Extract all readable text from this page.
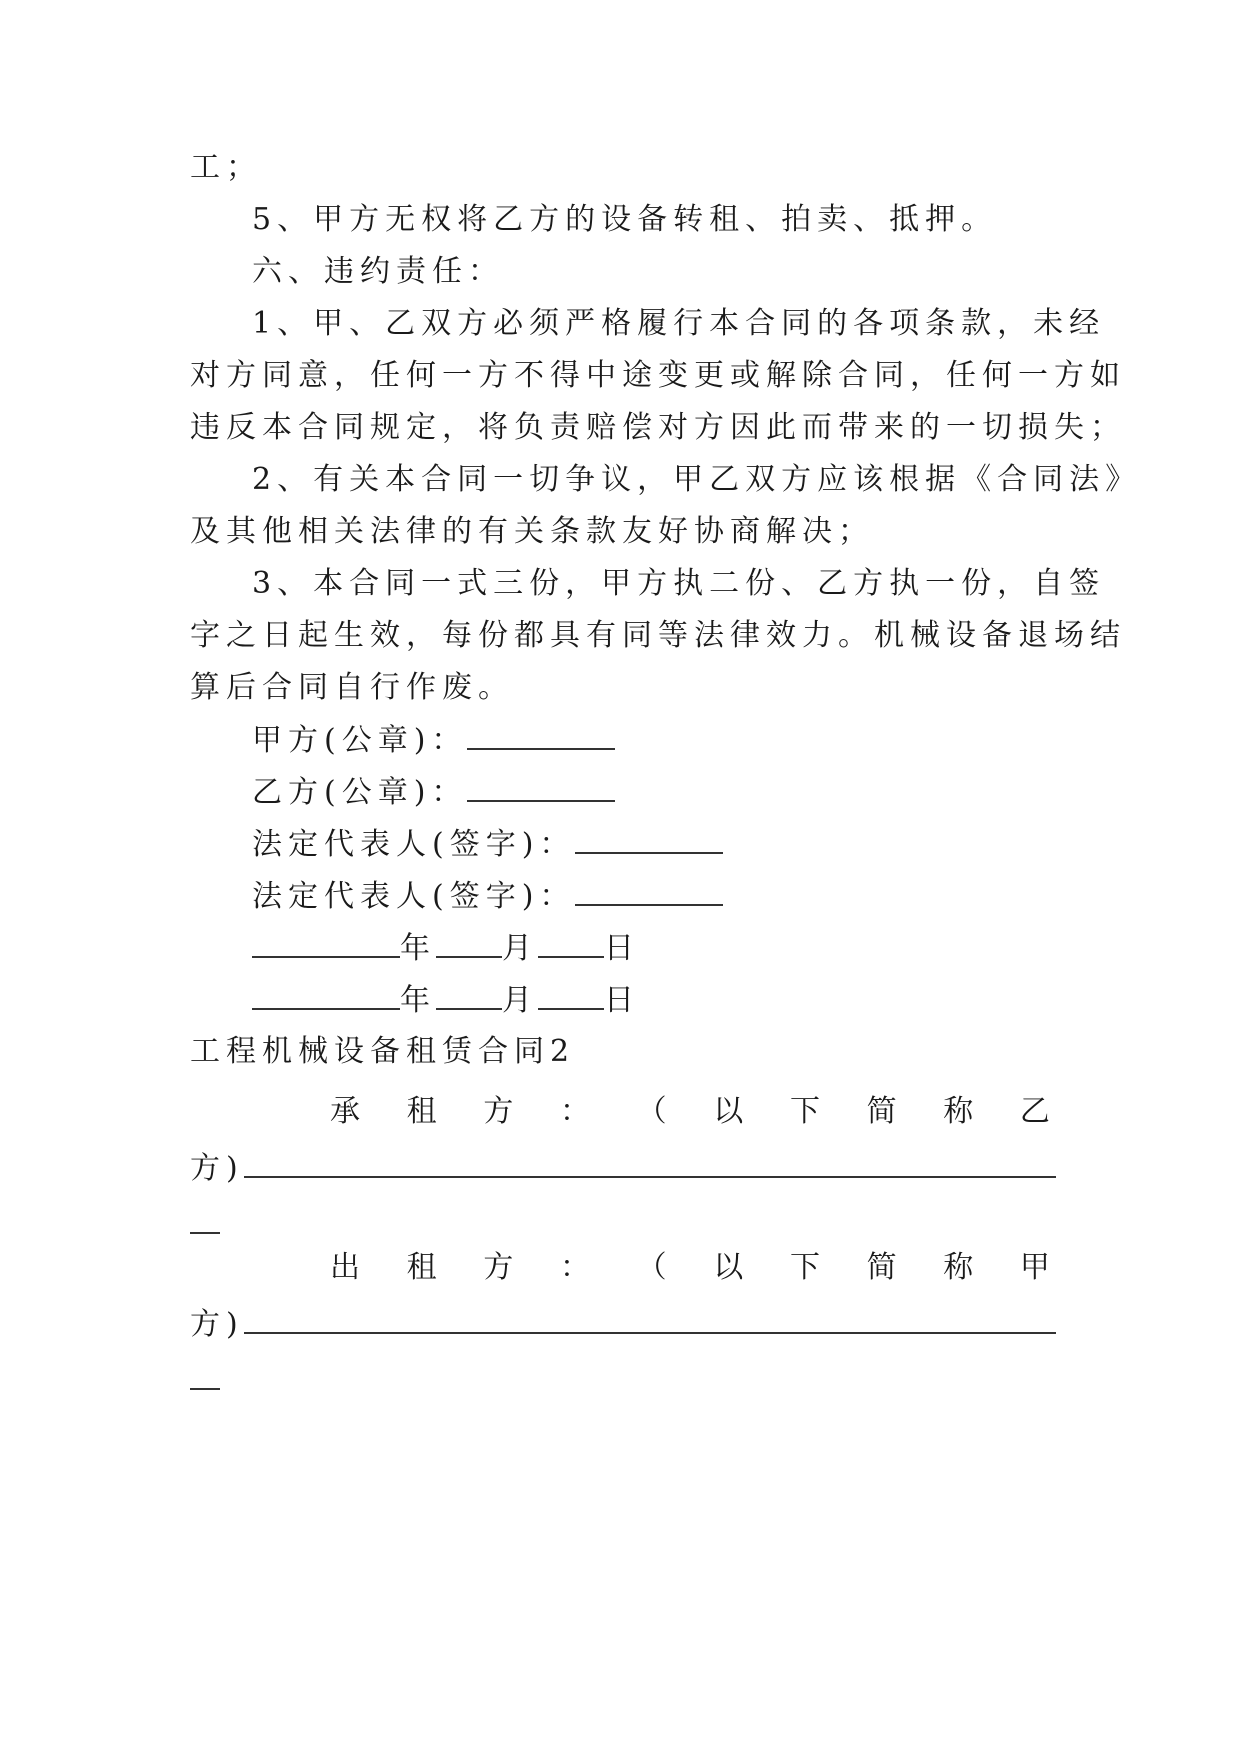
工；
5、甲方无权将乙方的设备转租、拍卖、抵押。
六、违约责任：
1、甲、乙双方必须严格履行本合同的各项条款，未经
对方同意，任何一方不得中途变更或解除合同，任何一方如
违反本合同规定，将负责赔偿对方因此而带来的一切损失；
2、有关本合同一切争议，甲乙双方应该根据《合同法》
及其他相关法律的有关条款友好协商解决；
3、本合同一式三份，甲方执二份、乙方执一份，自签
字之日起生效，每份都具有同等法律效力。机械设备退场结
算后合同自行作废。
甲方(公章)：
乙方(公章)：
法定代表人(签字)：
法定代表人(签字)：
年 月 日
年 月 日
工程机械设备租赁合同2
承 租 方 ： （ 以 下 简 称 乙
方)
出 租 方 ： （ 以 下 简 称 甲
方)
